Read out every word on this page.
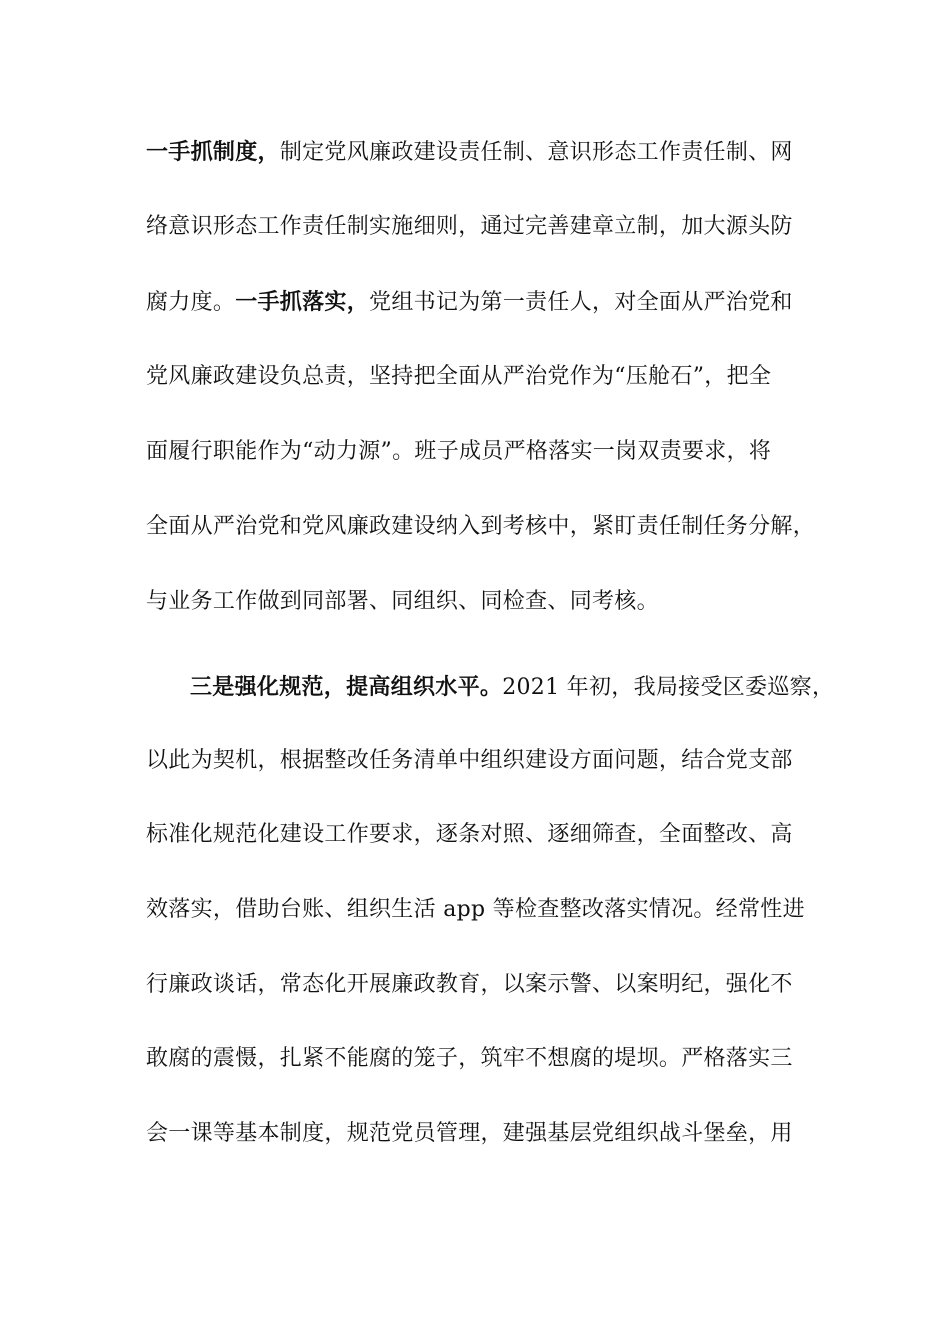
一手抓制度，制定党风廉政建设责任制、意识形态工作责任制、网
络意识形态工作责任制实施细则，通过完善建章立制，加大源头防
腐力度。一手抓落实，党组书记为第一责任人，对全面从严治党和
党风廉政建设负总责，坚持把全面从严治党作为“压舱石”，把全
面履行职能作为“动力源”。班子成员严格落实一岗双责要求，将
全面从严治党和党风廉政建设纳入到考核中，紧盯责任制任务分解，
与业务工作做到同部署、同组织、同检查、同考核。
三是强化规范，提高组织水平。2021 年初，我局接受区委巡察，
以此为契机，根据整改任务清单中组织建设方面问题，结合党支部
标准化规范化建设工作要求，逐条对照、逐细筛查，全面整改、高
效落实，借助台账、组织生活 app 等检查整改落实情况。经常性进
行廉政谈话，常态化开展廉政教育，以案示警、以案明纪，强化不
敢腐的震慑，扎紧不能腐的笼子，筑牢不想腐的堤坝。严格落实三
会一课等基本制度，规范党员管理，建强基层党组织战斗堡垒，用
